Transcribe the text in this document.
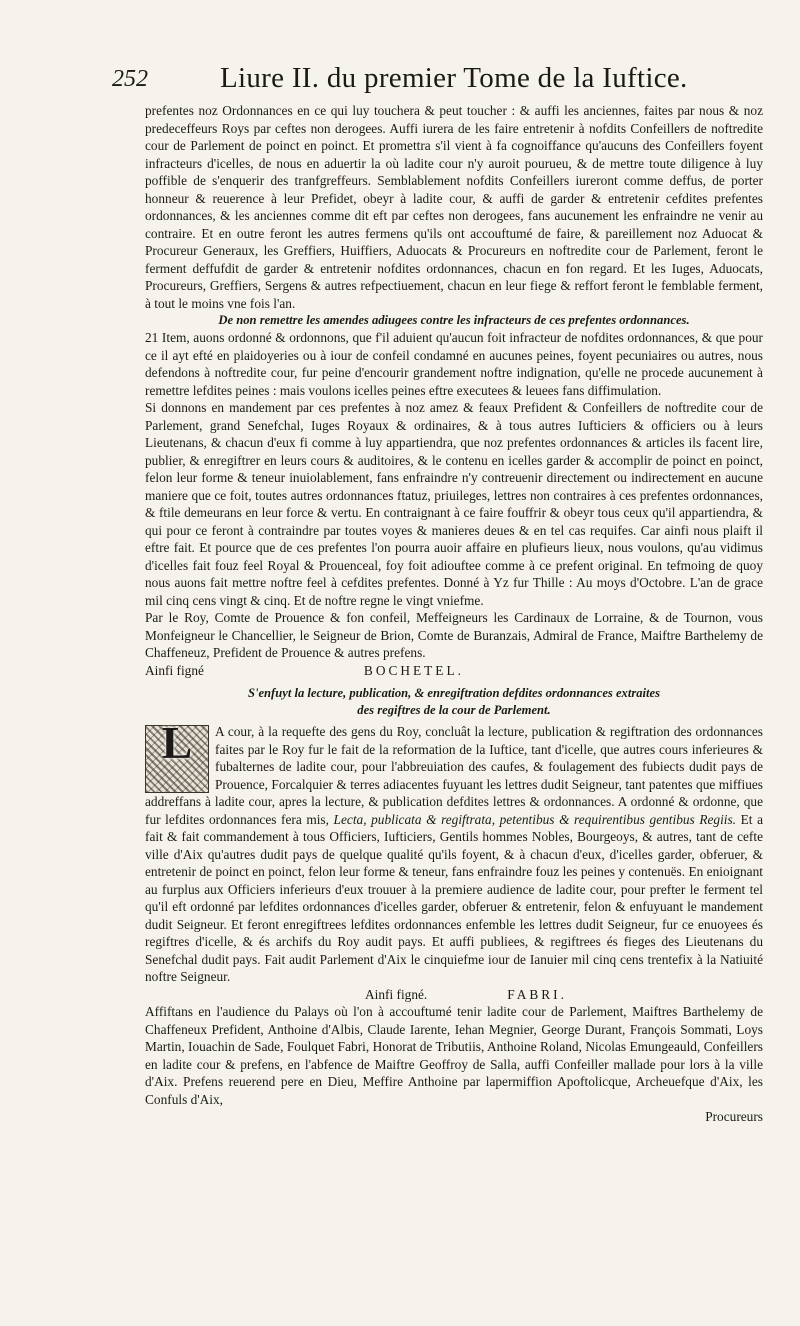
252 Liure II. du premier Tome de la Iuftice.

prefentes noz Ordonnances en ce qui luy touchera & peut toucher : & auffi les anciennes, faites par nous & noz predeceffeurs Roys par ceftes non derogees. Auffi iurera de les faire entretenir à nofdits Confeillers de noftredite cour de Parlement de poinct en poinct. Et promettra s'il vient à fa cognoiffance qu'aucuns des Confeillers foyent infracteurs d'icelles, de nous en aduertir la où ladite cour n'y auroit pourueu, & de mettre toute diligence à luy poffible de s'enquerir des tranfgreffeurs. Semblablement nofdits Confeillers iureront comme deffus, de porter honneur & reuerence à leur Prefidet, obeyr à ladite cour, & auffi de garder & entretenir cefdites prefentes ordonnances, & les anciennes comme dit eft par ceftes non derogees, fans aucunement les enfraindre ne venir au contraire. Et en outre feront les autres fermens qu'ils ont accouftumé de faire, & pareillement noz Aduocat & Procureur Generaux, les Greffiers, Huiffiers, Aduocats & Procureurs en noftredite cour de Parlement, feront le ferment deffufdit de garder & entretenir nofdites ordonnances, chacun en fon regard. Et les Iuges, Aduocats, Procureurs, Greffiers, Sergens & autres refpectiuement, chacun en leur fiege & reffort feront le femblable ferment, à tout le moins vne fois l'an.

De non remettre les amendes adiugees contre les infracteurs de ces prefentes ordonnances.

21 Item, auons ordonné & ordonnons, que f'il aduient qu'aucun foit infracteur de nofdites ordonnances, & que pour ce il ayt efté en plaidoyeries ou à iour de confeil condamné en aucunes peines, foyent pecuniaires ou autres, nous defendons à noftredite cour, fur peine d'encourir grandement noftre indignation, qu'elle ne procede aucunement à remettre lefdites peines : mais voulons icelles peines eftre executees & leuees fans diffimulation.

Si donnons en mandement par ces prefentes à noz amez & feaux Prefident & Confeillers de noftredite cour de Parlement, grand Senefchal, Iuges Royaux & ordinaires, & à tous autres Iufticiers & officiers ou à leurs Lieutenans, & chacun d'eux fi comme à luy appartiendra, que noz prefentes ordonnances & articles ils facent lire, publier, & enregiftrer en leurs cours & auditoires, & le contenu en icelles garder & accomplir de poinct en poinct, felon leur forme & teneur inuiolablement, fans enfraindre n'y contreuenir directement ou indirectement en aucune maniere que ce foit, toutes autres ordonnances ftatuz, priuileges, lettres non contraires à ces prefentes ordonnances, & ftile demeurans en leur force & vertu. En contraignant à ce faire fouffrir & obeyr tous ceux qu'il appartiendra, & qui pour ce feront à contraindre par toutes voyes & manieres deues & en tel cas requifes. Car ainfi nous plaift il eftre fait. Et pource que de ces prefentes l'on pourra auoir affaire en plufieurs lieux, nous voulons, qu'au vidimus d'icelles fait fouz feel Royal & Prouenceal, foy foit adiouftee comme à ce prefent original. En tefmoing de quoy nous auons fait mettre noftre feel à cefdites prefentes. Donné à Yz fur Thille : Au moys d'Octobre. L'an de grace mil cinq cens vingt & cinq. Et de noftre regne le vingt vniefme.

Par le Roy, Comte de Prouence & fon confeil, Meffeigneurs les Cardinaux de Lorraine, & de Tournon, vous Monfeigneur le Chancellier, le Seigneur de Brion, Comte de Buranzais, Admiral de France, Maiftre Barthelemy de Chaffeneuz, Prefident de Prouence & autres prefens.

Ainfi figné	BOCHETEL.

S'enfuyt la lecture, publication, & enregiftration defdites ordonnances extraites
des regiftres de la cour de Parlement.
L	A cour, à la requefte des gens du Roy, concluât la lecture, publication & regiftration des ordonnances faites par le Roy fur le fait de la reformation de la Iuftice, tant d'icelle, que autres cours inferieures & fubalternes de ladite cour, pour l'abbreuiation des caufes, & foulagement des fubiects dudit pays de Prouence, Forcalquier & terres adiacentes fuyuant les lettres dudit Seigneur, tant patentes que miffiues addreffans à ladite cour, apres la lecture, & publication defdites lettres & ordonnances. A ordonné & ordonne, que fur lefdites ordonnances fera mis, Lecta, publicata & regiftrata, petentibus & requirentibus gentibus Regiis. Et a fait & fait commandement à tous Officiers, Iufticiers, Gentils hommes Nobles, Bourgeoys, & autres, tant de cefte ville d'Aix qu'autres dudit pays de quelque qualité qu'ils foyent, & à chacun d'eux, d'icelles garder, obferuer, & entretenir de poinct en poinct, felon leur forme & teneur, fans enfraindre fouz les peines y contenuës. En enioignant au furplus aux Officiers inferieurs d'eux trouuer à la premiere audience de ladite cour, pour prefter le ferment tel qu'il eft ordonné par lefdites ordonnances d'icelles garder, obferuer & entretenir, felon & enfuyuant le mandement dudit Seigneur. Et feront enregiftrees lefdites ordonnances enfemble les lettres dudit Seigneur, fur ce enuoyees és regiftres d'icelle, & és archifs du Roy audit pays. Et auffi publiees, & regiftrees és fieges des Lieutenans du Senefchal dudit pays. Fait audit Parlement d'Aix le cinquiefme iour de Ianuier mil cinq cens trentefix à la Natiuité noftre Seigneur.

Ainfi figné.	FABRI.

Affiftans en l'audience du Palays où l'on à accouftumé tenir ladite cour de Parlement, Maiftres Barthelemy de Chaffeneux Prefident, Anthoine d'Albis, Claude Iarente, Iehan Megnier, George Durant, François Sommati, Loys Martin, Iouachin de Sade, Foulquet Fabri, Honorat de Tributiis, Anthoine Roland, Nicolas Emungeauld, Confeillers en ladite cour & prefens, en l'abfence de Maiftre Geoffroy de Salla, auffi Confeiller mallade pour lors à la ville d'Aix. Prefens reuerend pere en Dieu, Meffire Anthoine par lapermiffion Apoftolicque, Archeuefque d'Aix, les Confuls d'Aix,

Procureurs
